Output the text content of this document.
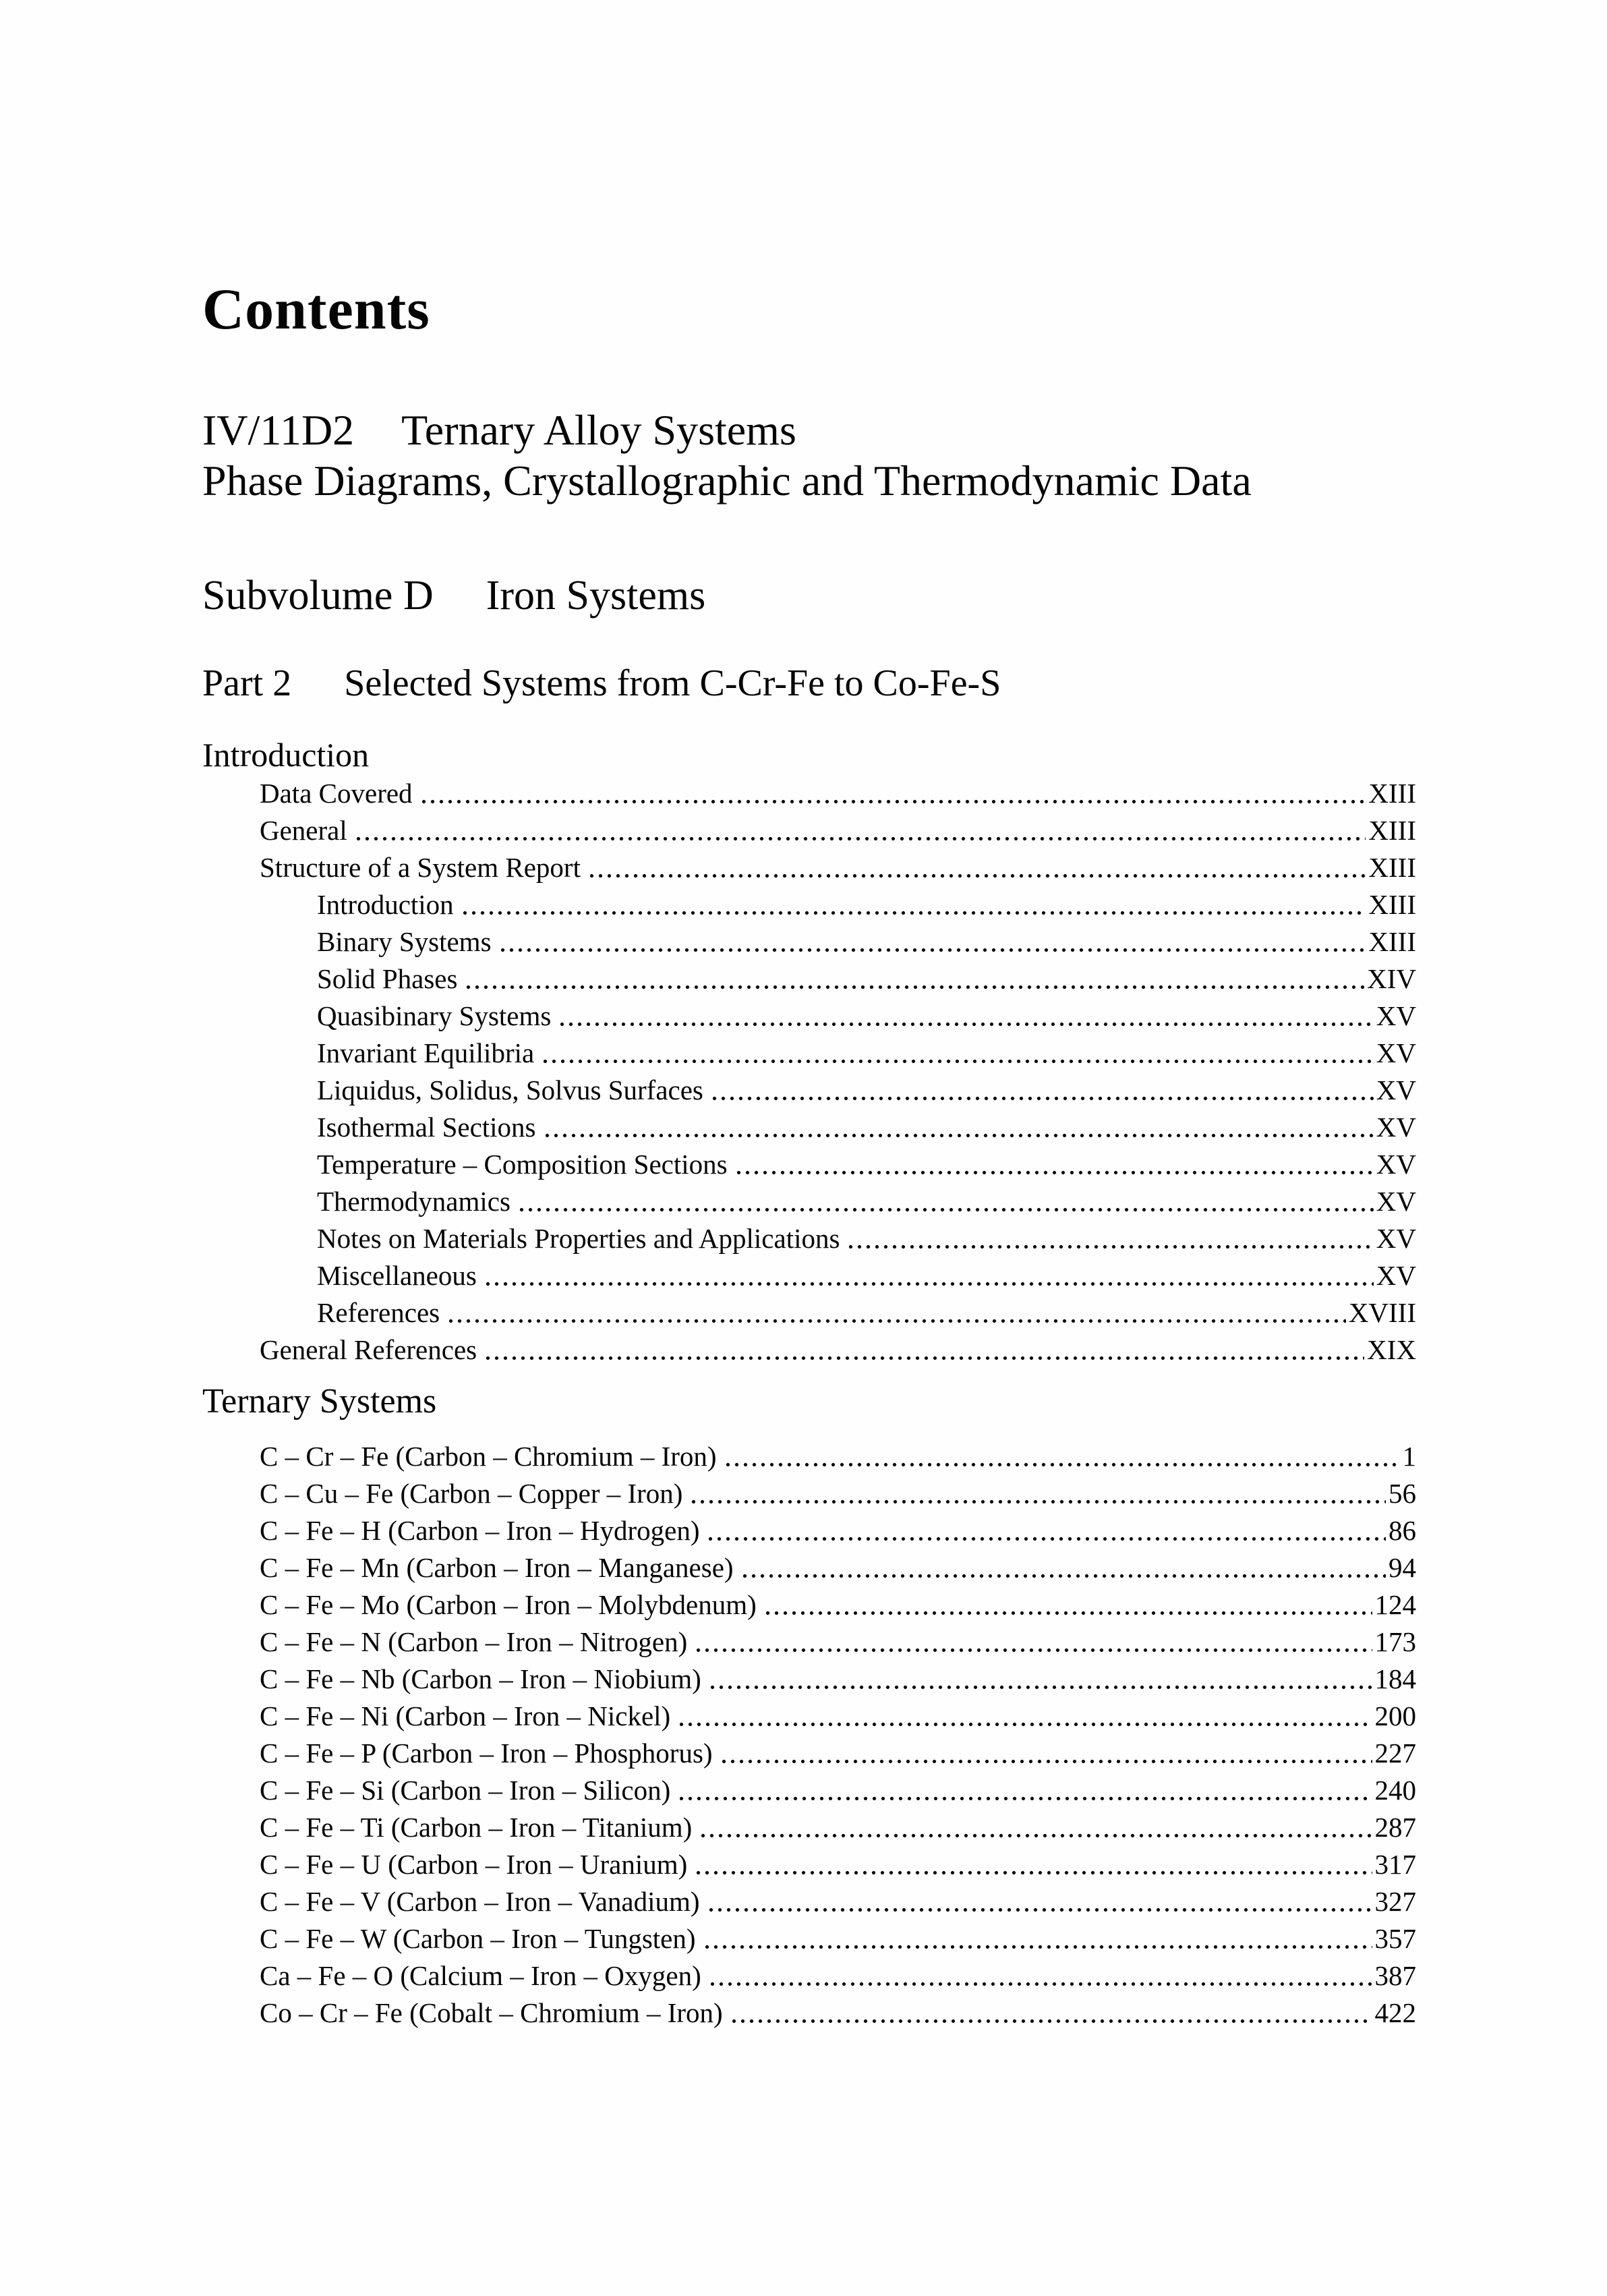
Contents
IV/11D2 Ternary Alloy Systems
Phase Diagrams, Crystallographic and Thermodynamic Data
Subvolume D Iron Systems
Part 2 Selected Systems from C-Cr-Fe to Co-Fe-S
Introduction
Data Covered	XIII
General	XIII
Structure of a System Report	XIII
Introduction	XIII
Binary Systems	XIII
Solid Phases	XIV
Quasibinary Systems	XV
Invariant Equilibria	XV
Liquidus, Solidus, Solvus Surfaces	XV
Isothermal Sections	XV
Temperature – Composition Sections	XV
Thermodynamics	XV
Notes on Materials Properties and Applications	XV
Miscellaneous	XV
References	XVIII
General References	XIX
Ternary Systems
C – Cr – Fe (Carbon – Chromium – Iron)	1
C – Cu – Fe (Carbon – Copper – Iron)	56
C – Fe – H (Carbon – Iron – Hydrogen)	86
C – Fe – Mn (Carbon – Iron – Manganese)	94
C – Fe – Mo (Carbon – Iron – Molybdenum)	124
C – Fe – N (Carbon – Iron – Nitrogen)	173
C – Fe – Nb (Carbon – Iron – Niobium)	184
C – Fe – Ni (Carbon – Iron – Nickel)	200
C – Fe – P (Carbon – Iron – Phosphorus)	227
C – Fe – Si (Carbon – Iron – Silicon)	240
C – Fe – Ti (Carbon – Iron – Titanium)	287
C – Fe – U (Carbon – Iron – Uranium)	317
C – Fe – V (Carbon – Iron – Vanadium)	327
C – Fe – W (Carbon – Iron – Tungsten)	357
Ca – Fe – O (Calcium – Iron – Oxygen)	387
Co – Cr – Fe (Cobalt – Chromium – Iron)	422
